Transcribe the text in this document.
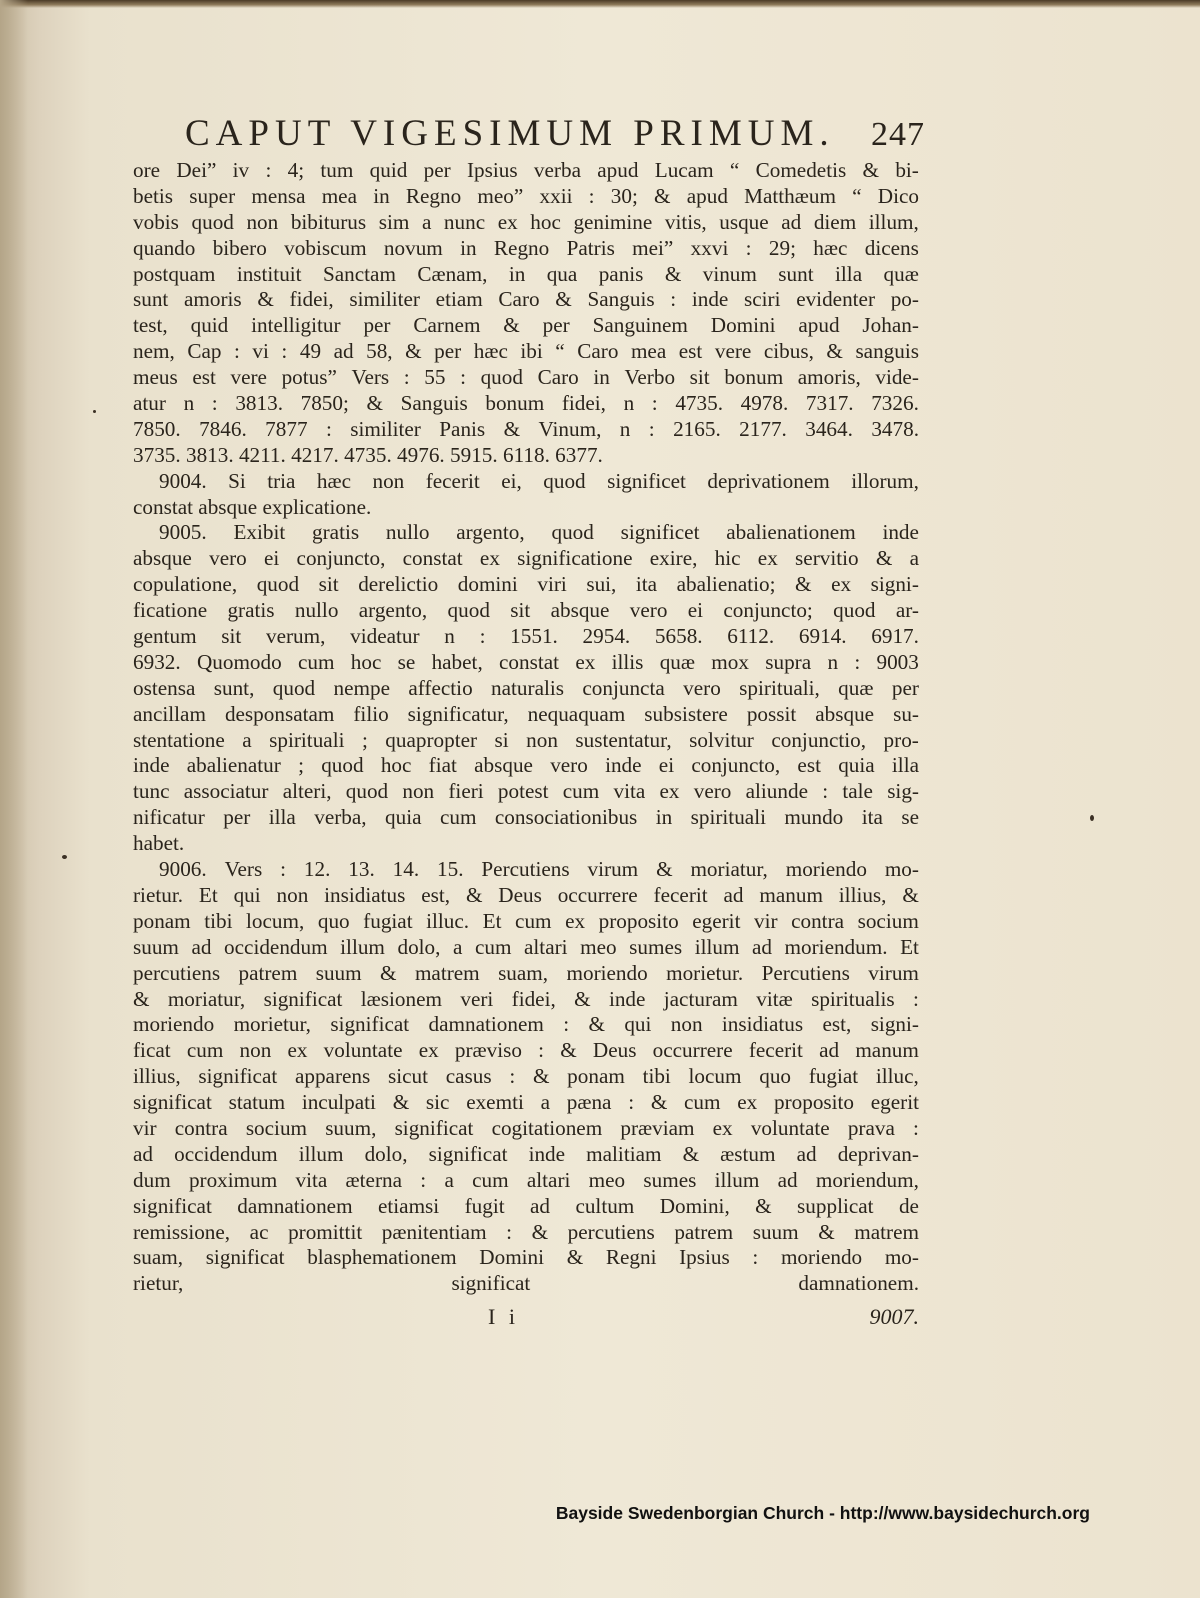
CAPUT VIGESIMUM PRIMUM. 247
ore Dei” iv : 4; tum quid per Ipsius verba apud Lucam “ Comedetis & bi-
betis super mensa mea in Regno meo” xxii : 30; & apud Matthæum “ Dico
vobis quod non bibiturus sim a nunc ex hoc genimine vitis, usque ad diem illum,
quando bibero vobiscum novum in Regno Patris mei” xxvi : 29; hæc dicens
postquam instituit Sanctam Cænam, in qua panis & vinum sunt illa quæ
sunt amoris & fidei, similiter etiam Caro & Sanguis : inde sciri evidenter po-
test, quid intelligitur per Carnem & per Sanguinem Domini apud Johan-
nem, Cap : vi : 49 ad 58, & per hæc ibi “ Caro mea est vere cibus, & sanguis
meus est vere potus” Vers : 55 : quod Caro in Verbo sit bonum amoris, vide-
atur n : 3813. 7850; & Sanguis bonum fidei, n : 4735. 4978. 7317. 7326.
7850. 7846. 7877 : similiter Panis & Vinum, n : 2165. 2177. 3464. 3478.
3735. 3813. 4211. 4217. 4735. 4976. 5915. 6118. 6377.
9004. Si tria hæc non fecerit ei, quod significet deprivationem illorum,
constat absque explicatione.
9005. Exibit gratis nullo argento, quod significet abalienationem inde
absque vero ei conjuncto, constat ex significatione exire, hic ex servitio & a
copulatione, quod sit derelictio domini viri sui, ita abalienatio; & ex signi-
ficatione gratis nullo argento, quod sit absque vero ei conjuncto; quod ar-
gentum sit verum, videatur n : 1551. 2954. 5658. 6112. 6914. 6917.
6932. Quomodo cum hoc se habet, constat ex illis quæ mox supra n : 9003
ostensa sunt, quod nempe affectio naturalis conjuncta vero spirituali, quæ per
ancillam desponsatam filio significatur, nequaquam subsistere possit absque su-
stentatione a spirituali ; quapropter si non sustentatur, solvitur conjunctio, pro-
inde abalienatur ; quod hoc fiat absque vero inde ei conjuncto, est quia illa
tunc associatur alteri, quod non fieri potest cum vita ex vero aliunde : tale sig-
nificatur per illa verba, quia cum consociationibus in spirituali mundo ita se
habet.
9006. Vers : 12. 13. 14. 15. Percutiens virum & moriatur, moriendo mo-
rietur. Et qui non insidiatus est, & Deus occurrere fecerit ad manum illius, &
ponam tibi locum, quo fugiat illuc. Et cum ex proposito egerit vir contra socium
suum ad occidendum illum dolo, a cum altari meo sumes illum ad moriendum. Et
percutiens patrem suum & matrem suam, moriendo morietur. Percutiens virum
& moriatur, significat læsionem veri fidei, & inde jacturam vitæ spiritualis :
moriendo morietur, significat damnationem : & qui non insidiatus est, signi-
ficat cum non ex voluntate ex præviso : & Deus occurrere fecerit ad manum
illius, significat apparens sicut casus : & ponam tibi locum quo fugiat illuc,
significat statum inculpati & sic exemti a pæna : & cum ex proposito egerit
vir contra socium suum, significat cogitationem præviam ex voluntate prava :
ad occidendum illum dolo, significat inde malitiam & æstum ad deprivan-
dum proximum vita æterna : a cum altari meo sumes illum ad moriendum,
significat damnationem etiamsi fugit ad cultum Domini, & supplicat de
remissione, ac promittit pænitentiam : & percutiens patrem suum & matrem
suam, significat blasphemationem Domini & Regni Ipsius : moriendo mo-
rietur,	significat	damnationem.
I i	9007.
Bayside Swedenborgian Church - http://www.baysidechurch.org
